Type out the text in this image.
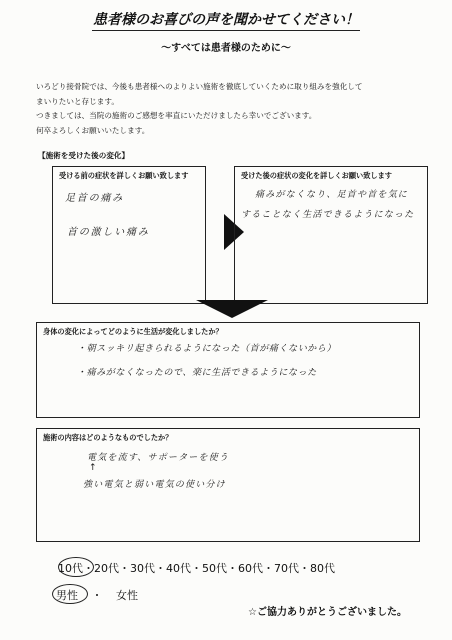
患者様のお喜びの声を聞かせてください！
～すべては患者様のために～
いろどり接骨院では、今後も患者様へのよりよい施術を徹底していくために取り組みを強化して
まいりたいと存じます。
つきましては、当院の施術のご感想を率直にいただけましたら幸いでございます。
何卒よろしくお願いいたします。
【施術を受けた後の変化】
受ける前の症状を詳しくお願い致します
足首の痛み
首の激しい痛み
受けた後の症状の変化を詳しくお願い致します
痛みがなくなり、足首や首を気に
することなく生活できるようになった
身体の変化によってどのように生活が変化しましたか？
・朝スッキリ起きられるようになった（首が痛くないから）
・痛みがなくなったので、楽に生活できるようになった
施術の内容はどのようなものでしたか？
電気を流す、サポーターを使う
↑
強い電気と弱い電気の使い分け
10代・20代・30代・40代・50代・60代・70代・80代
男性 ・ 女性
☆ご協力ありがとうございました。
